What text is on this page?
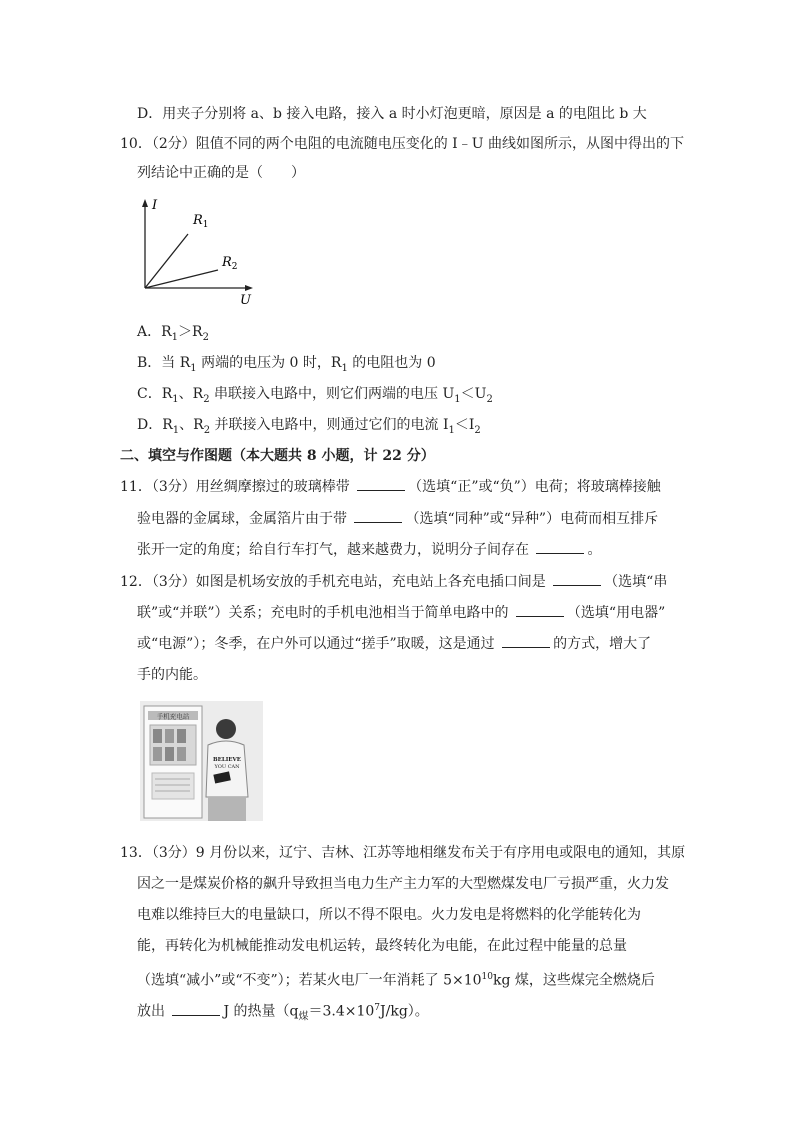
D．用夹子分别将 a、b 接入电路，接入 a 时小灯泡更暗，原因是 a 的电阻比 b 大
10．（2分）阻值不同的两个电阻的电流随电压变化的 I﹣U 曲线如图所示，从图中得出的下
列结论中正确的是（　　）
I
U
$R_1$
$R_2$
A．$R_1>R_2$
B．当 $R_1$ 两端的电压为 0 时，$R_1$ 的电阻也为 0
C．$R_1$、$R_2$ 串联接入电路中，则它们两端的电压 $U_1<U_2$
D．$R_1$、$R_2$ 并联接入电路中，则通过它们的电流 $I_1<I_2$
二、填空与作图题（本大题共 8 小题，计 22 分）
11．（3分）用丝绸摩擦过的玻璃棒带	（选填“正”或“负”）电荷；将玻璃棒接触
验电器的金属球，金属箔片由于带	（选填“同种”或“异种”）电荷而相互排斥
张开一定的角度；给自行车打气，越来越费力，说明分子间存在	。
12．（3分）如图是机场安放的手机充电站，充电站上各充电插口间是	（选填“串
联”或“并联”）关系；充电时的手机电池相当于简单电路中的	（选填“用电器”
或“电源”）；冬季，在户外可以通过“搓手”取暖，这是通过	的方式，增大了
手的内能。
手机充电站
BELIEVE
YOU CAN
13．（3分）9 月份以来，辽宁、吉林、江苏等地相继发布关于有序用电或限电的通知，其原
因之一是煤炭价格的飙升导致担当电力生产主力军的大型燃煤发电厂亏损严重，火力发
电难以维持巨大的电量缺口，所以不得不限电。火力发电是将燃料的化学能转化为
能，再转化为机械能推动发电机运转，最终转化为电能，在此过程中能量的总量
（选填“减小”或“不变”）；若某火电厂一年消耗了 $5\times 10^{10}kg$ 煤，这些煤完全燃烧后
放出	J 的热量$(q_煤=3.4\times 10^7J/kg)$。
